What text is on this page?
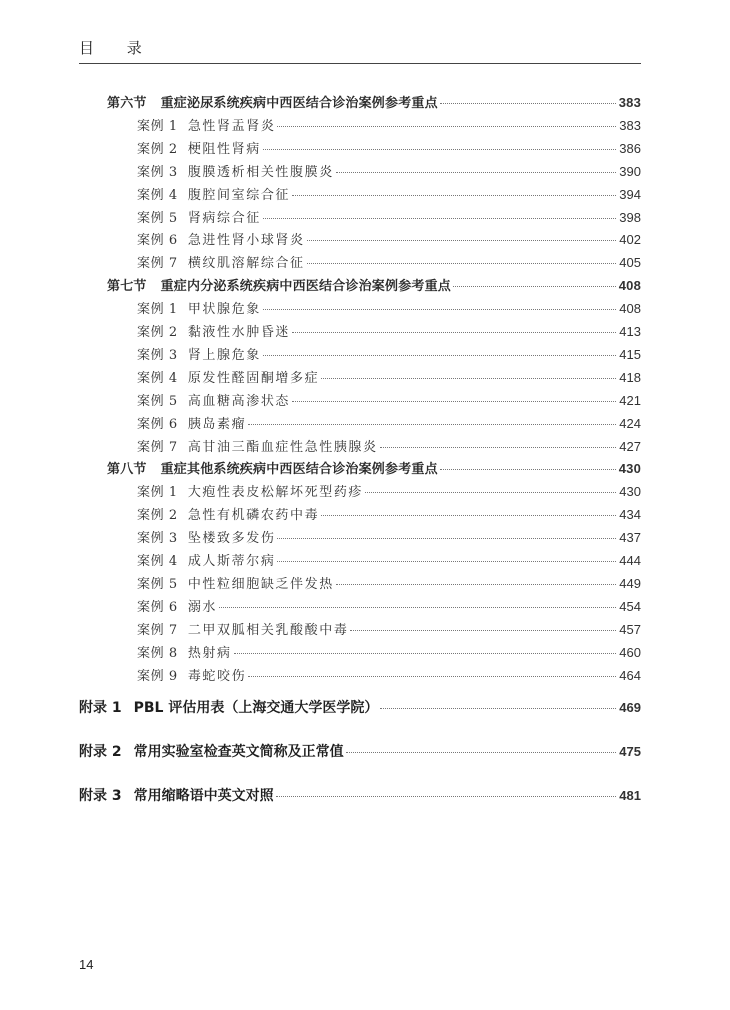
目 录
第六节 重症泌尿系统疾病中西医结合诊治案例参考重点	383
案例 1 急性肾盂肾炎	383
案例 2 梗阻性肾病	386
案例 3 腹膜透析相关性腹膜炎	390
案例 4 腹腔间室综合征	394
案例 5 肾病综合征	398
案例 6 急进性肾小球肾炎	402
案例 7 横纹肌溶解综合征	405
第七节 重症内分泌系统疾病中西医结合诊治案例参考重点	408
案例 1 甲状腺危象	408
案例 2 黏液性水肿昏迷	413
案例 3 肾上腺危象	415
案例 4 原发性醛固酮增多症	418
案例 5 高血糖高渗状态	421
案例 6 胰岛素瘤	424
案例 7 高甘油三酯血症性急性胰腺炎	427
第八节 重症其他系统疾病中西医结合诊治案例参考重点	430
案例 1 大疱性表皮松解坏死型药疹	430
案例 2 急性有机磷农药中毒	434
案例 3 坠楼致多发伤	437
案例 4 成人斯蒂尔病	444
案例 5 中性粒细胞缺乏伴发热	449
案例 6 溺水	454
案例 7 二甲双胍相关乳酸酸中毒	457
案例 8 热射病	460
案例 9 毒蛇咬伤	464
附录 1 PBL 评估用表（上海交通大学医学院）	469
附录 2 常用实验室检查英文简称及正常值	475
附录 3 常用缩略语中英文对照	481
14
